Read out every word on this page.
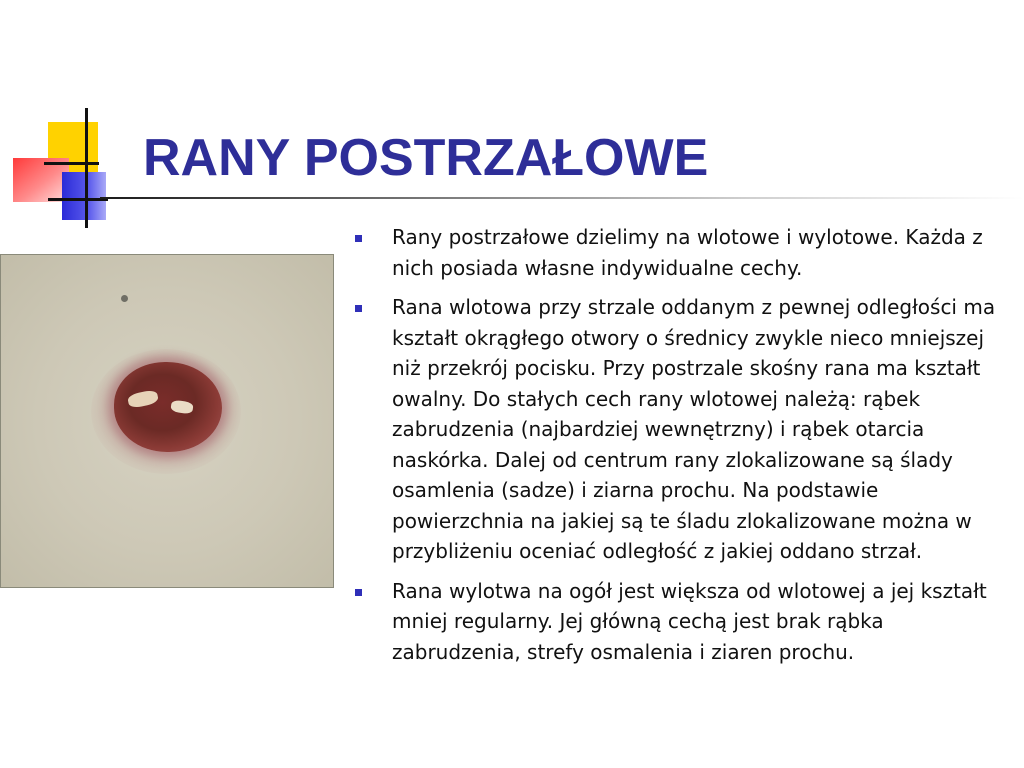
RANY POSTRZAŁOWE
Rany postrzałowe dzielimy na wlotowe i wylotowe. Każda z nich posiada własne indywidualne cechy.
Rana wlotowa przy strzale oddanym z pewnej odległości ma kształt okrągłego otwory o średnicy zwykle nieco mniejszej niż przekrój pocisku. Przy postrzale skośny rana ma kształt owalny. Do stałych cech rany wlotowej należą: rąbek zabrudzenia (najbardziej wewnętrzny) i rąbek otarcia naskórka. Dalej od centrum rany zlokalizowane są ślady osamlenia (sadze) i ziarna prochu. Na podstawie powierzchnia na jakiej są te śladu zlokalizowane można w przybliżeniu oceniać odległość z jakiej oddano strzał.
Rana wylotwa na ogół jest większa od wlotowej a jej kształt mniej regularny. Jej główną cechą jest brak rąbka zabrudzenia, strefy osmalenia i ziaren prochu.
